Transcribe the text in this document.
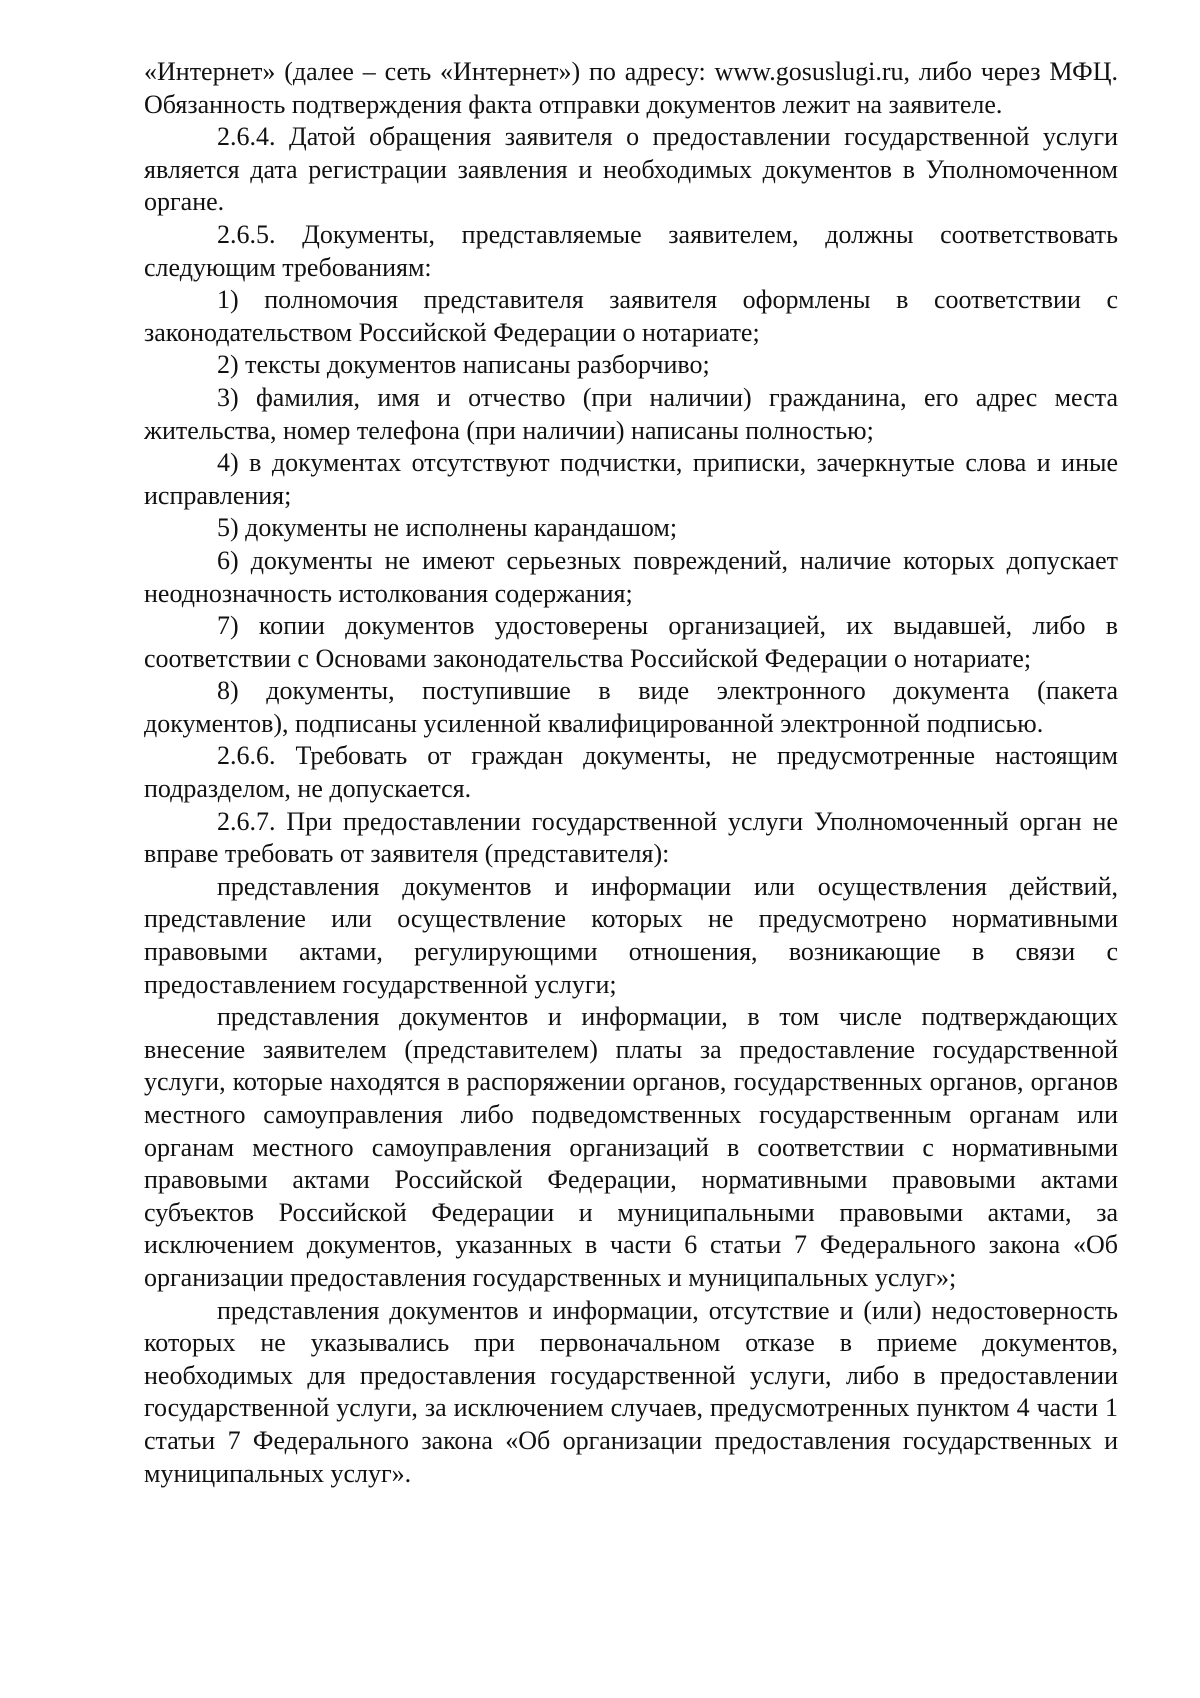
«Интернет» (далее – сеть «Интернет») по адресу: www.gosuslugi.ru, либо через МФЦ. Обязанность подтверждения факта отправки документов лежит на заявителе.

2.6.4. Датой обращения заявителя о предоставлении государственной услуги является дата регистрации заявления и необходимых документов в Уполномоченном органе.

2.6.5. Документы, представляемые заявителем, должны соответствовать следующим требованиям:

1) полномочия представителя заявителя оформлены в соответствии с законодательством Российской Федерации о нотариате;

2) тексты документов написаны разборчиво;

3) фамилия, имя и отчество (при наличии) гражданина, его адрес места жительства, номер телефона (при наличии) написаны полностью;

4) в документах отсутствуют подчистки, приписки, зачеркнутые слова и иные исправления;

5) документы не исполнены карандашом;

6) документы не имеют серьезных повреждений, наличие которых допускает неоднозначность истолкования содержания;

7) копии документов удостоверены организацией, их выдавшей, либо в соответствии с Основами законодательства Российской Федерации о нотариате;

8) документы, поступившие в виде электронного документа (пакета документов), подписаны усиленной квалифицированной электронной подписью.

2.6.6. Требовать от граждан документы, не предусмотренные настоящим подразделом, не допускается.

2.6.7. При предоставлении государственной услуги Уполномоченный орган не вправе требовать от заявителя (представителя):

представления документов и информации или осуществления действий, представление или осуществление которых не предусмотрено нормативными правовыми актами, регулирующими отношения, возникающие в связи с предоставлением государственной услуги;

представления документов и информации, в том числе подтверждающих внесение заявителем (представителем) платы за предоставление государственной услуги, которые находятся в распоряжении органов, государственных органов, органов местного самоуправления либо подведомственных государственным органам или органам местного самоуправления организаций в соответствии с нормативными правовыми актами Российской Федерации, нормативными правовыми актами субъектов Российской Федерации и муниципальными правовыми актами, за исключением документов, указанных в части 6 статьи 7 Федерального закона «Об организации предоставления государственных и муниципальных услуг»;

представления документов и информации, отсутствие и (или) недостоверность которых не указывались при первоначальном отказе в приеме документов, необходимых для предоставления государственной услуги, либо в предоставлении государственной услуги, за исключением случаев, предусмотренных пунктом 4 части 1 статьи 7 Федерального закона «Об организации предоставления государственных и муниципальных услуг».
